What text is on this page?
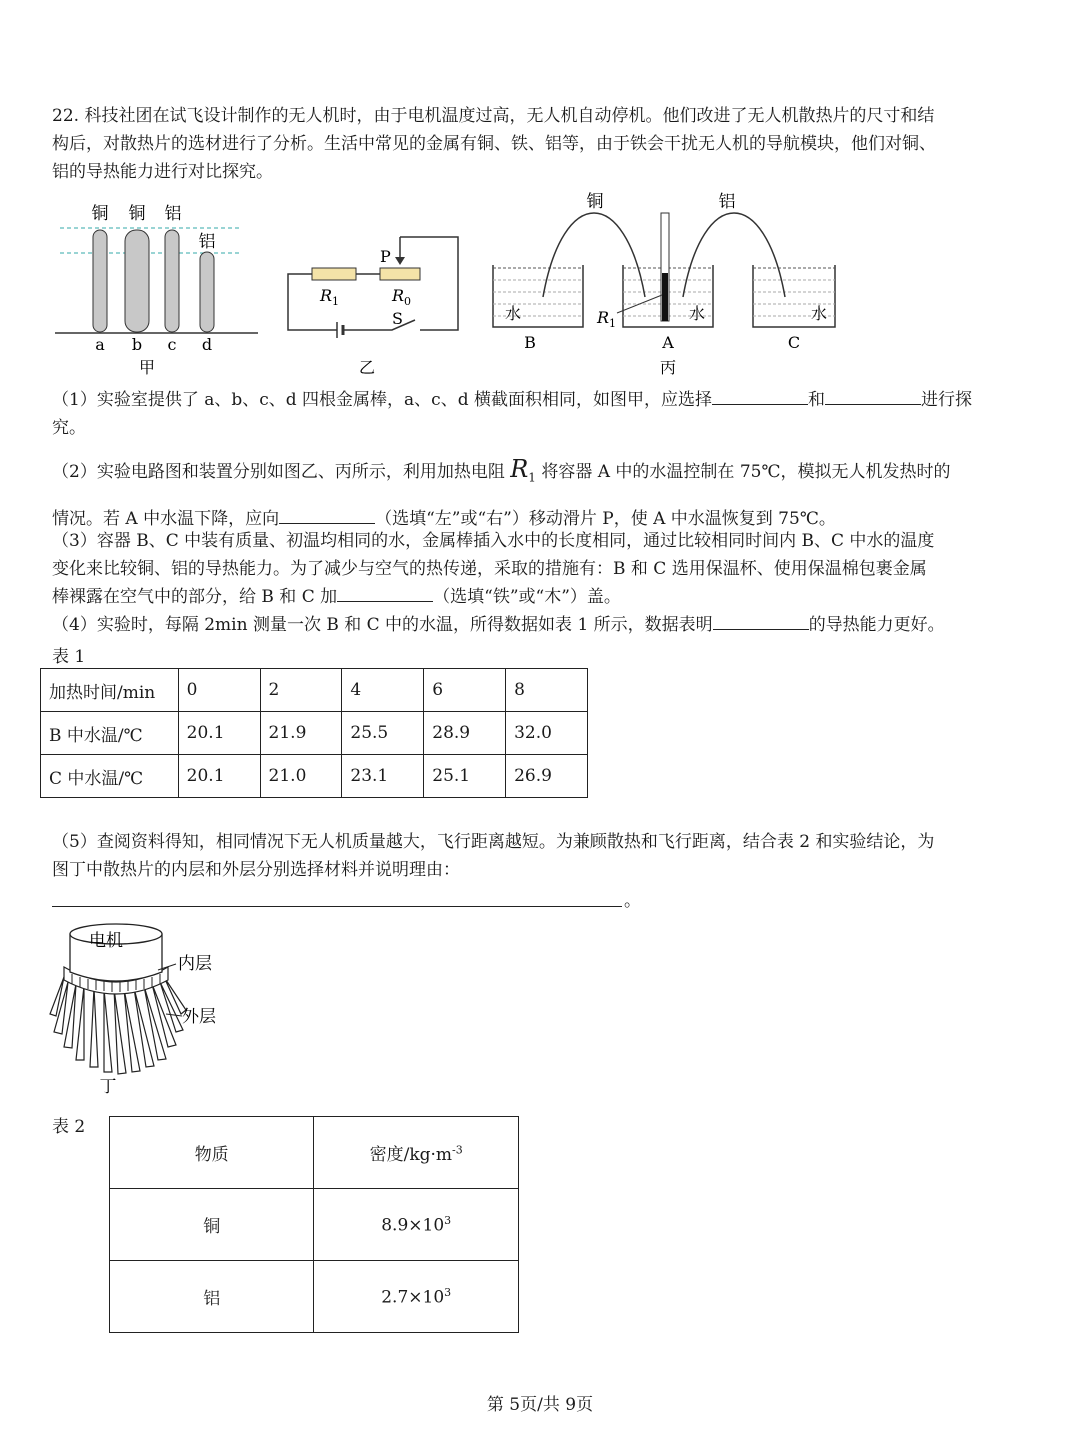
22. 科技社团在试飞设计制作的无人机时，由于电机温度过高，无人机自动停机。他们改进了无人机散热片的尺寸和结
构后，对散热片的选材进行了分析。生活中常见的金属有铜、铁、铝等，由于铁会干扰无人机的导航模块，他们对铜、
铝的导热能力进行对比探究。
铜 铜 铝
铝
a b c d
甲
P
$R_1$	$R_0$
S
乙
铜	铝
水	水	水
$R_1$
B	A	C
丙
（1）实验室提供了 a、b、c、d 四根金属棒，a、c、d 横截面积相同，如图甲，应选择	和	进行探
究。
（2）实验电路图和装置分别如图乙、丙所示，利用加热电阻 $R_1$ 将容器 A 中的水温控制在 75℃，模拟无人机发热时的
情况。若 A 中水温下降，应向	（选填“左”或“右”）移动滑片 P，使 A 中水温恢复到 75℃。
（3）容器 B、C 中装有质量、初温均相同的水，金属棒插入水中的长度相同，通过比较相同时间内 B、C 中水的温度
变化来比较铜、铝的导热能力。为了减少与空气的热传递，采取的措施有：B 和 C 选用保温杯、使用保温棉包裹金属
棒裸露在空气中的部分，给 B 和 C 加	（选填“铁”或“木”）盖。
（4）实验时，每隔 2min 测量一次 B 和 C 中的水温，所得数据如表 1 所示，数据表明	的导热能力更好。
表 1
加热时间/min	0	2	4	6	8
B 中水温/℃	20.1	21.9	25.5	28.9	32.0
C 中水温/℃	20.1	21.0	23.1	25.1	26.9
（5）查阅资料得知，相同情况下无人机质量越大，飞行距离越短。为兼顾散热和飞行距离，结合表 2 和实验结论，为
图丁中散热片的内层和外层分别选择材料并说明理由：
。
电机
内层
外层
丁
表 2
物质	密度$/kg\cdot m^{-3}$
铜	$8.9\times 10^3$
铝	$2.7\times 10^3$
第 5页/共 9页
